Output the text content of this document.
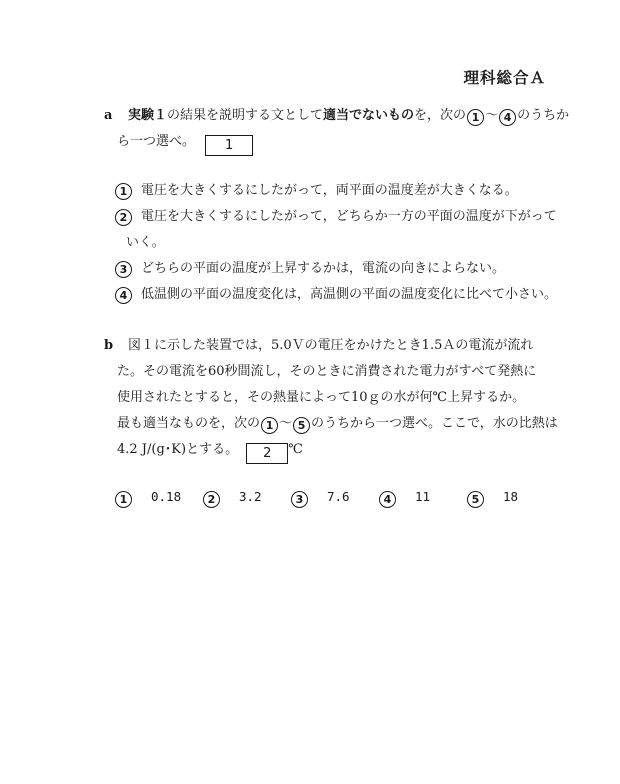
理科総合Ａ
a 実験１の結果を説明する文として適当でないものを，次の 1 〜 4 のうちか
ら一つ選べ。 1
1	電圧を大きくするにしたがって，両平面の温度差が大きくなる。
2	電圧を大きくするにしたがって，どちらか一方の平面の温度が下がって
いく。
3	どちらの平面の温度が上昇するかは，電流の向きによらない。
4	低温側の平面の温度変化は，高温側の平面の温度変化に比べて小さい。
b 図１に示した装置では，5.0Ｖの電圧をかけたとき1.5Ａの電流が流れ
た。その電流を60秒間流し，そのときに消費された電力がすべて発熱に
使用されたとすると，その熱量によって10ｇの水が何℃上昇するか。
最も適当なものを，次の 1 〜 5 のうちから一つ選べ。ここで，水の比熱は
4.2 J/(g･K)とする。 2 ℃
1 0.18	2 3.2	3 7.6	4 11	5 18
